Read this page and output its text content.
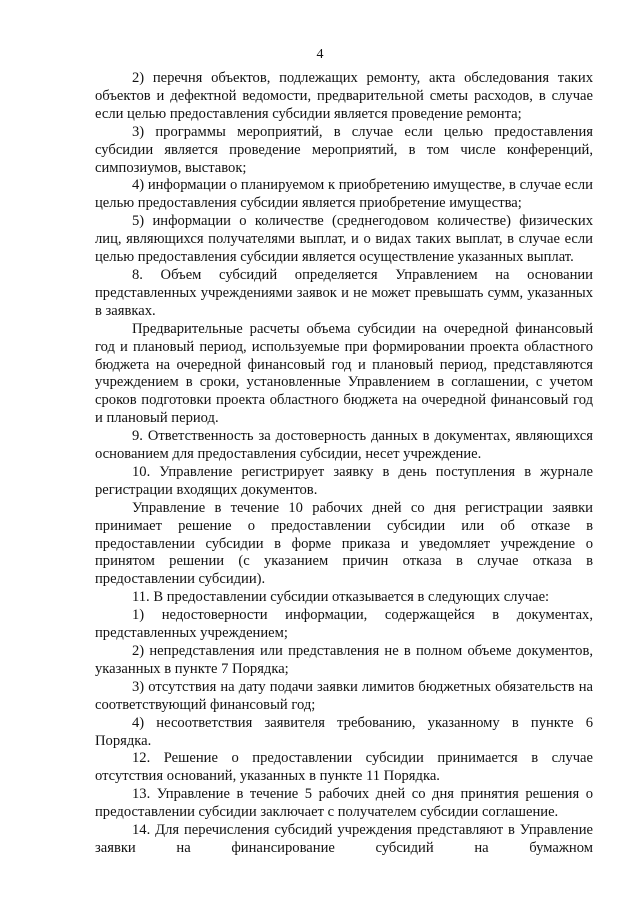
4

2) перечня объектов, подлежащих ремонту, акта обследования таких объектов и дефектной ведомости, предварительной сметы расходов, в случае если целью предоставления субсидии является проведение ремонта;

3) программы мероприятий, в случае если целью предоставления субсидии является проведение мероприятий, в том числе конференций, симпозиумов, выставок;

4) информации о планируемом к приобретению имуществе, в случае если целью предоставления субсидии является приобретение имущества;

5) информации о количестве (среднегодовом количестве) физических лиц, являющихся получателями выплат, и о видах таких выплат, в случае если целью предоставления субсидии является осуществление указанных выплат.

8. Объем субсидий определяется Управлением на основании представленных учреждениями заявок и не может превышать сумм, указанных в заявках.

Предварительные расчеты объема субсидии на очередной финансовый год и плановый период, используемые при формировании проекта областного бюджета на очередной финансовый год и плановый период, представляются учреждением в сроки, установленные Управлением в соглашении, с учетом сроков подготовки проекта областного бюджета на очередной финансовый год и плановый период.

9. Ответственность за достоверность данных в документах, являющихся основанием для предоставления субсидии, несет учреждение.

10. Управление регистрирует заявку в день поступления в журнале регистрации входящих документов.

Управление в течение 10 рабочих дней со дня регистрации заявки принимает решение о предоставлении субсидии или об отказе в предоставлении субсидии в форме приказа и уведомляет учреждение о принятом решении (с указанием причин отказа в случае отказа в предоставлении субсидии).

11. В предоставлении субсидии отказывается в следующих случае:

1) недостоверности информации, содержащейся в документах, представленных учреждением;

2) непредставления или представления не в полном объеме документов, указанных в пункте 7 Порядка;

3) отсутствия на дату подачи заявки лимитов бюджетных обязательств на соответствующий финансовый год;

4) несоответствия заявителя требованию, указанному в пункте 6 Порядка.

12. Решение о предоставлении субсидии принимается в случае отсутствия оснований, указанных в пункте 11 Порядка.

13. Управление в течение 5 рабочих дней со дня принятия решения о предоставлении субсидии заключает с получателем субсидии соглашение.

14. Для перечисления субсидий учреждения представляют в Управление заявки на финансирование субсидий на бумажном
